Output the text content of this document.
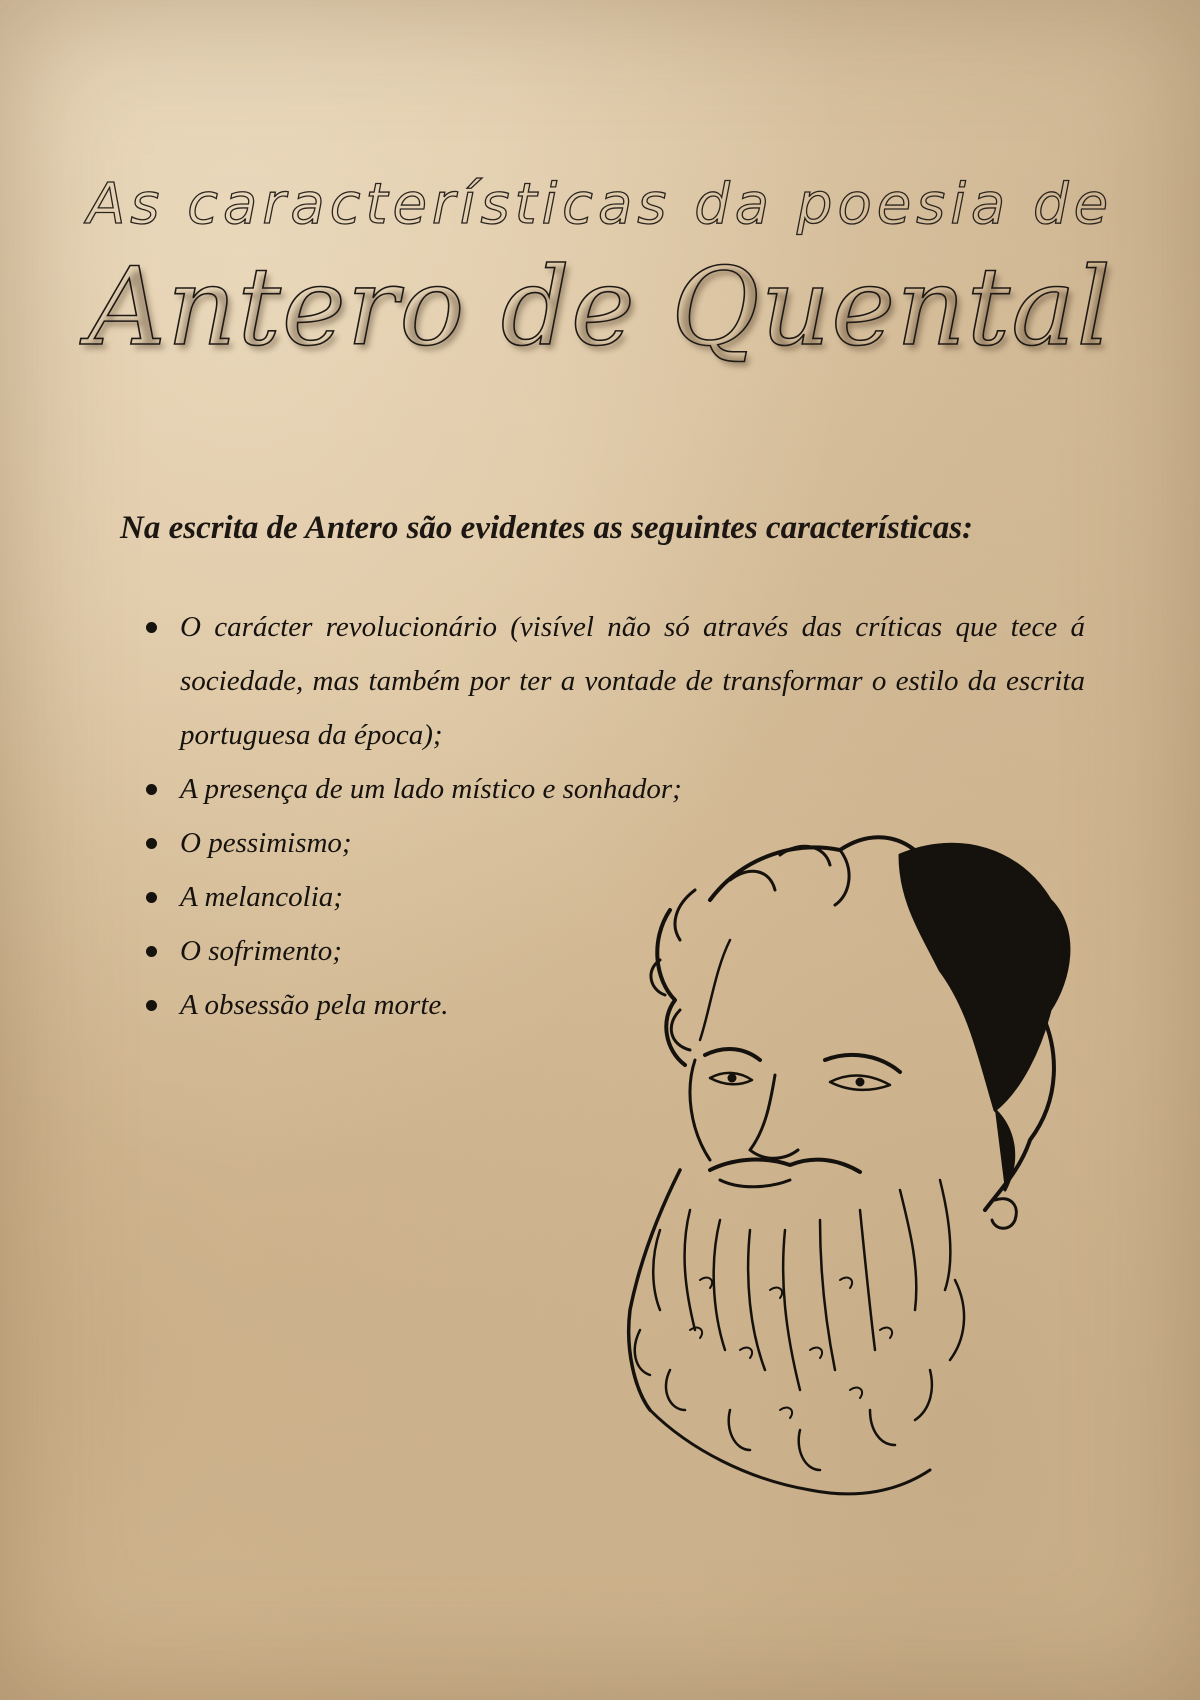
As características da poesia de
Antero de Quental

Na escrita de Antero são evidentes as seguintes características:

O carácter revolucionário (visível não só através das críticas que tece á sociedade, mas também por ter a vontade de transformar o estilo da escrita portuguesa da época);
A presença de um lado místico e sonhador;
O pessimismo;
A melancolia;
O sofrimento;
A obsessão pela morte.
